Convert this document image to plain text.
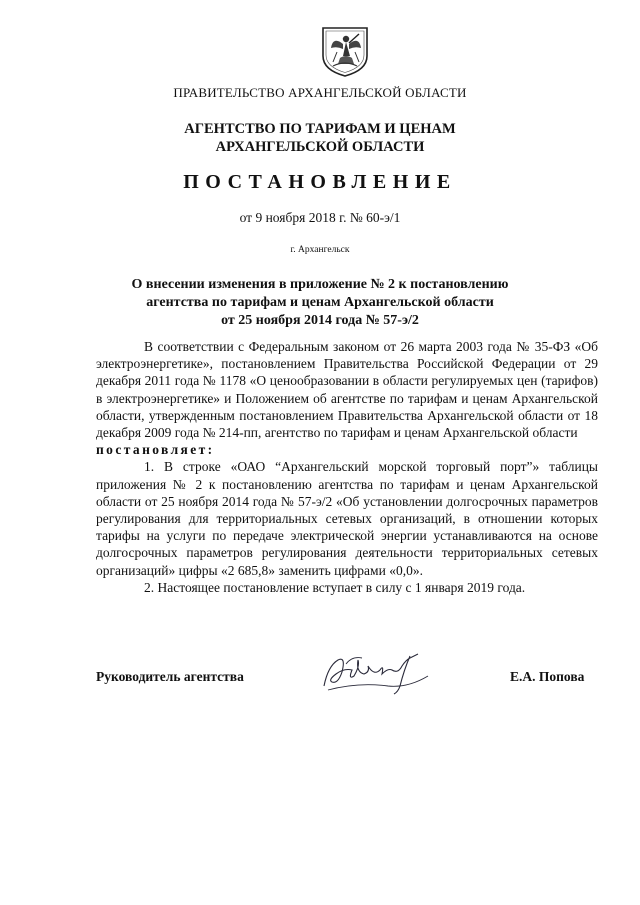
ПРАВИТЕЛЬСТВО АРХАНГЕЛЬСКОЙ ОБЛАСТИ
АГЕНТСТВО ПО ТАРИФАМ И ЦЕНАМ
АРХАНГЕЛЬСКОЙ ОБЛАСТИ
ПОСТАНОВЛЕНИЕ
от 9 ноября 2018 г. № 60-э/1
г. Архангельск
О внесении изменения в приложение № 2 к постановлению
агентства по тарифам и ценам Архангельской области
от 25 ноября 2014 года № 57-э/2

В соответствии с Федеральным законом от 26 марта 2003 года № 35-ФЗ «Об электроэнергетике», постановлением Правительства Российской Федерации от 29 декабря 2011 года № 1178 «О ценообразовании в области регулируемых цен (тарифов) в электроэнергетике» и Положением об агентстве по тарифам и ценам Архангельской области, утвержденным постановлением Правительства Архангельской области от 18 декабря 2009 года № 214-пп, агентство по тарифам и ценам Архангельской области

постановляет:

1. В строке «ОАО “Архангельский морской торговый порт”» таблицы приложения № 2 к постановлению агентства по тарифам и ценам Архангельской области от 25 ноября 2014 года № 57-э/2 «Об установлении долгосрочных параметров регулирования для территориальных сетевых организаций, в отношении которых тарифы на услуги по передаче электрической энергии устанавливаются на основе долгосрочных параметров регулирования деятельности территориальных сетевых организаций» цифры «2 685,8» заменить цифрами «0,0».

2. Настоящее постановление вступает в силу с 1 января 2019 года.

Руководитель агентства	Е.А. Попова
